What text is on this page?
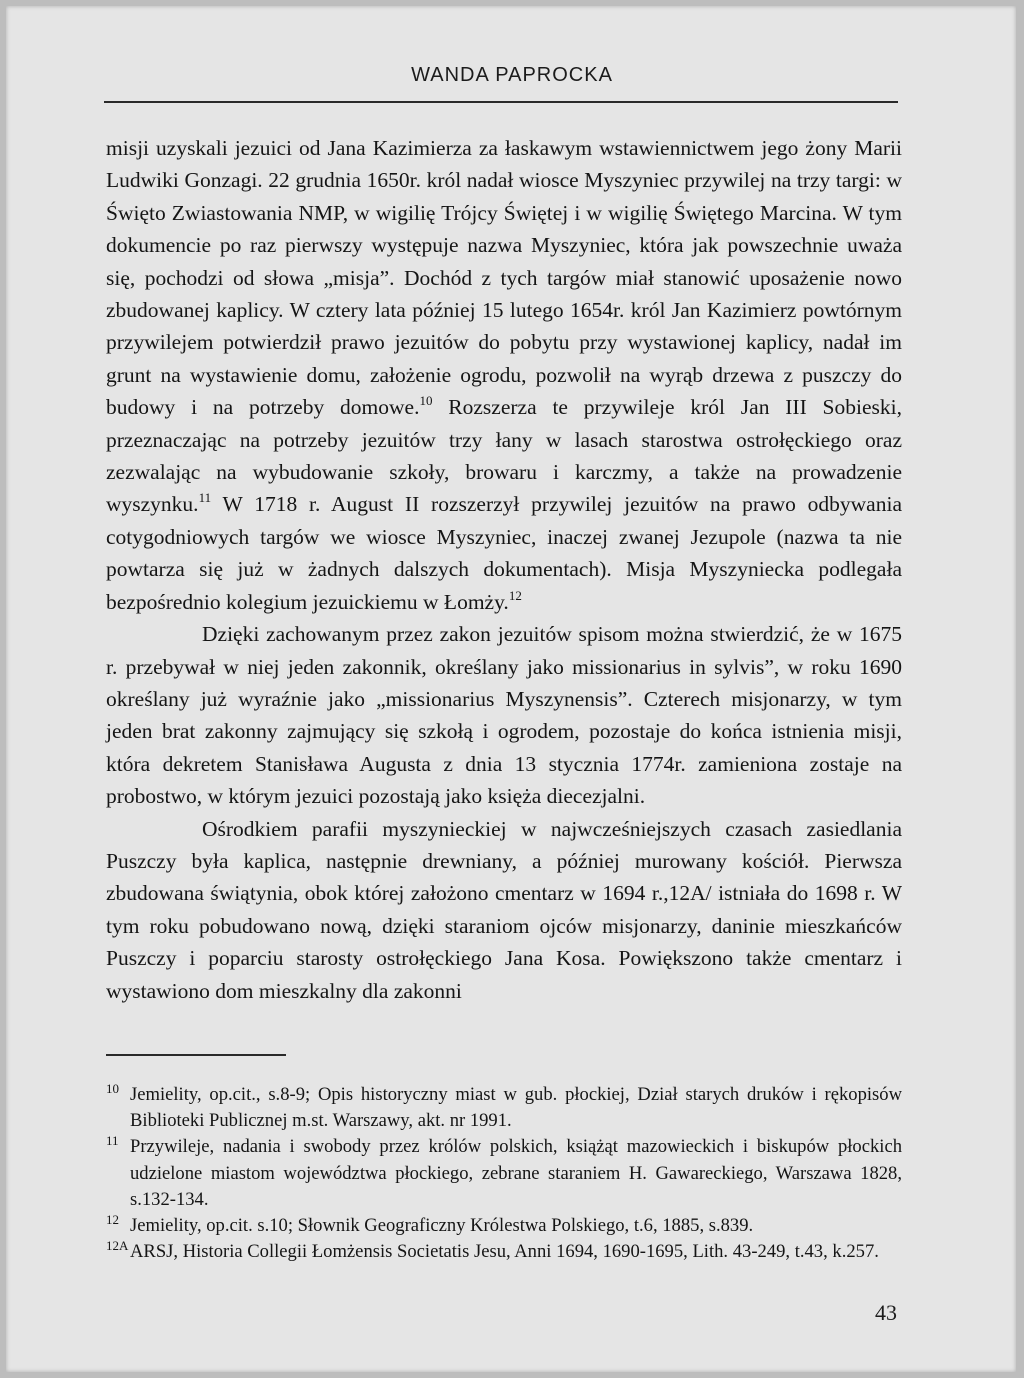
WANDA PAPROCKA

misji uzyskali jezuici od Jana Kazimierza za łaskawym wstawiennictwem jego żony Marii Ludwiki Gonzagi. 22 grudnia 1650r. król nadał wiosce Myszyniec przywilej na trzy targi: w Święto Zwiastowania NMP, w wigilię Trójcy Świętej i w wigilię Świętego Marcina. W tym dokumencie po raz pierwszy występuje nazwa Myszyniec, która jak powszechnie uważa się, pochodzi od słowa „misja”. Dochód z tych targów miał stanowić uposażenie nowo zbudowanej kaplicy. W cztery lata później 15 lutego 1654r. król Jan Kazimierz powtórnym przywilejem potwierdził prawo jezuitów do pobytu przy wystawionej kaplicy, nadał im grunt na wystawienie domu, założenie ogrodu, pozwolił na wyrąb drzewa z puszczy do budowy i na potrzeby domowe.$^{10}$ Rozszerza te przywileje król Jan III Sobieski, przeznaczając na potrzeby jezuitów trzy łany w lasach starostwa ostrołęckiego oraz zezwalając na wybudowanie szkoły, browaru i karczmy, a także na prowadzenie wyszynku.$^{11}$ W 1718 r. August II rozszerzył przywilej jezuitów na prawo odbywania cotygodniowych targów we wiosce Myszyniec, inaczej zwanej Jezupole (nazwa ta nie powtarza się już w żadnych dalszych dokumentach). Misja Myszyniecka podlegała bezpośrednio kolegium jezuickiemu w Łomży.$^{12}$

Dzięki zachowanym przez zakon jezuitów spisom można stwierdzić, że w 1675 r. przebywał w niej jeden zakonnik, określany jako missionarius in sylvis”, w roku 1690 określany już wyraźnie jako „missionarius Myszynensis”. Czterech misjonarzy, w tym jeden brat zakonny zajmujący się szkołą i ogrodem, pozostaje do końca istnienia misji, która dekretem Stanisława Augusta z dnia 13 stycznia 1774r. zamieniona zostaje na probostwo, w którym jezuici pozostają jako księża diecezjalni.

Ośrodkiem parafii myszynieckiej w najwcześniejszych czasach zasiedlania Puszczy była kaplica, następnie drewniany, a później murowany kościół. Pierwsza zbudowana świątynia, obok której założono cmentarz w 1694 r.,12A/ istniała do 1698 r. W tym roku pobudowano nową, dzięki staraniom ojców misjonarzy, daninie mieszkańców Puszczy i poparciu starosty ostrołęckiego Jana Kosa. Powiększono także cmentarz i wystawiono dom mieszkalny dla zakonni

10 Jemielity, op.cit., s.8-9; Opis historyczny miast w gub. płockiej, Dział starych druków i rękopisów Biblioteki Publicznej m.st. Warszawy, akt. nr 1991.
11 Przywileje, nadania i swobody przez królów polskich, książąt mazowieckich i biskupów płockich udzielone miastom województwa płockiego, zebrane staraniem H. Gawareckiego, Warszawa 1828, s.132-134.
12 Jemielity, op.cit. s.10; Słownik Geograficzny Królestwa Polskiego, t.6, 1885, s.839.
12A ARSJ, Historia Collegii Łomżensis Societatis Jesu, Anni 1694, 1690-1695, Lith. 43-249, t.43, k.257.
43
